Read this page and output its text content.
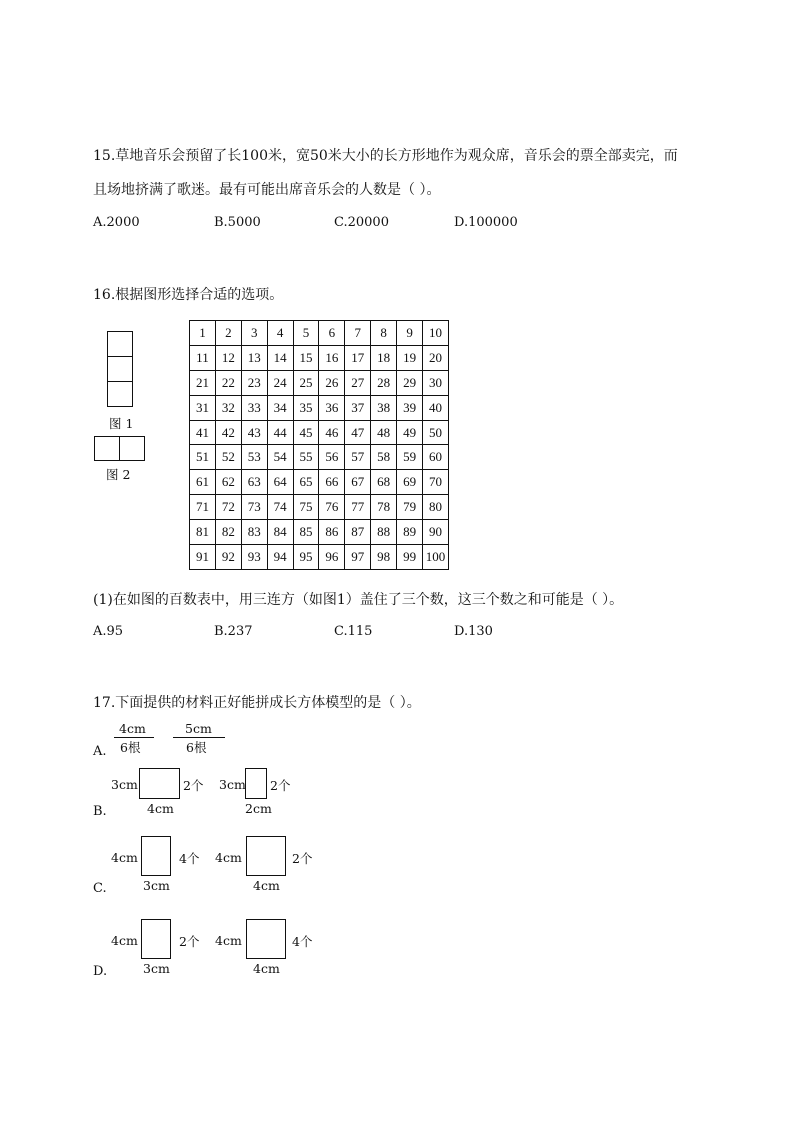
15.草地音乐会预留了长100米，宽50米大小的长方形地作为观众席，音乐会的票全部卖完，而
且场地挤满了歌迷。最有可能出席音乐会的人数是（ ）。
A.2000	B.5000	C.20000	D.100000
16.根据图形选择合适的选项。
图 1
图 2
1	2	3	4	5	6	7	8	9	10
11	12	13	14	15	16	17	18	19	20
21	22	23	24	25	26	27	28	29	30
31	32	33	34	35	36	37	38	39	40
41	42	43	44	45	46	47	48	49	50
51	52	53	54	55	56	57	58	59	60
61	62	63	64	65	66	67	68	69	70
71	72	73	74	75	76	77	78	79	80
81	82	83	84	85	86	87	88	89	90
91	92	93	94	95	96	97	98	99	100
(1)在如图的百数表中，用三连方（如图1）盖住了三个数，这三个数之和可能是（ ）。
A.95	B.237	C.115	D.130
17.下面提供的材料正好能拼成长方体模型的是（ ）。
4cm
6根
5cm
6根
A.
3cm	2个
4cm
3cm 2个
2cm
B.
4cm	4个
3cm
4cm	2个
4cm
C.
4cm	2个
3cm
4cm	4个
4cm
D.
